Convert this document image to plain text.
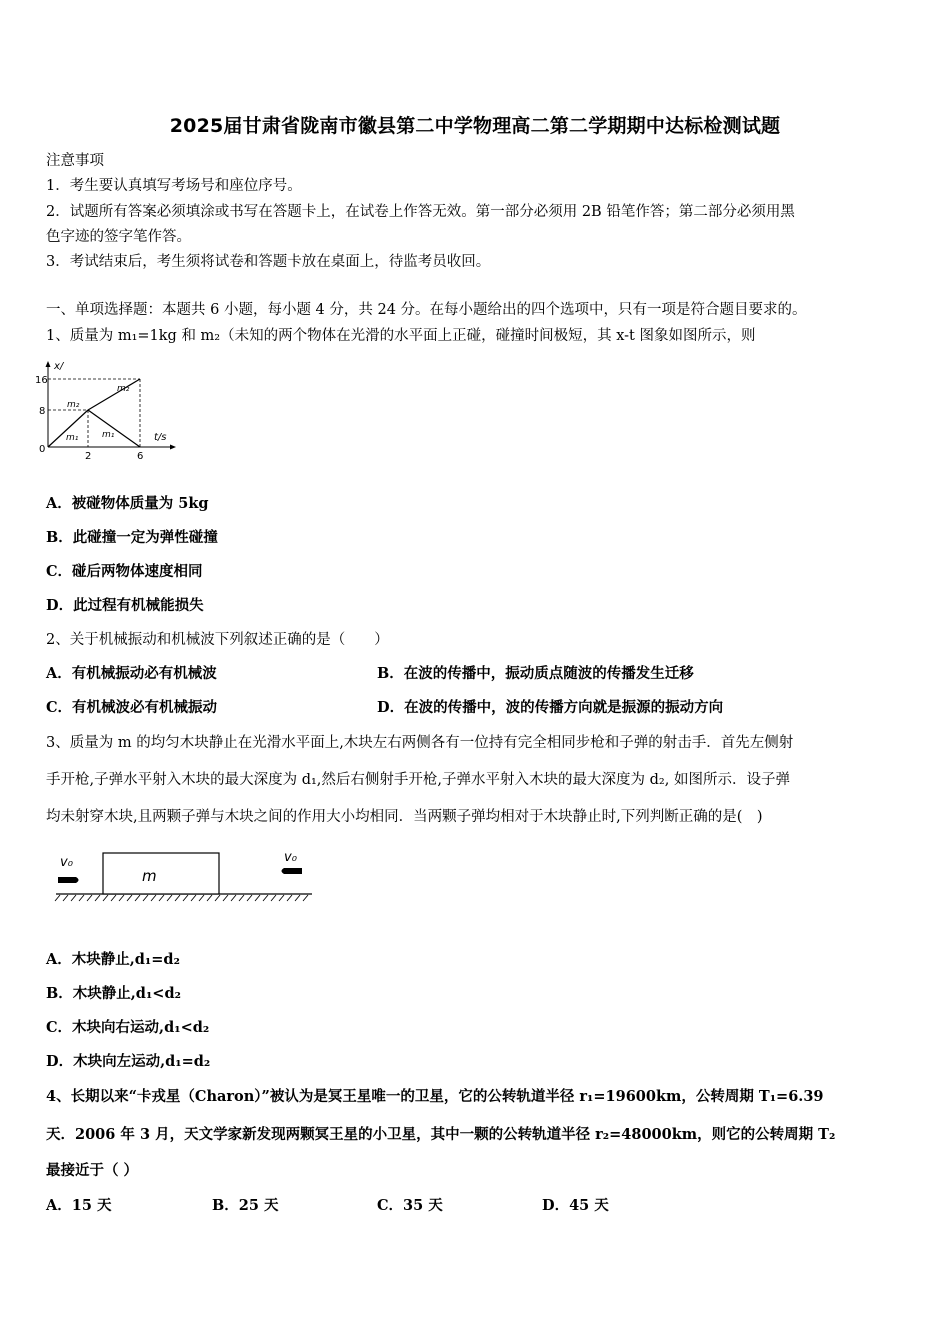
2025届甘肃省陇南市徽县第二中学物理高二第二学期期中达标检测试题
注意事项
1．考生要认真填写考场号和座位序号。
2．试题所有答案必须填涂或书写在答题卡上，在试卷上作答无效。第一部分必须用 2B 铅笔作答；第二部分必须用黑
色字迹的签字笔作答。
3．考试结束后，考生须将试卷和答题卡放在桌面上，待监考员收回。
一、单项选择题：本题共 6 小题，每小题 4 分，共 24 分。在每小题给出的四个选项中，只有一项是符合题目要求的。
1、质量为 m₁=1kg 和 m₂（未知的两个物体在光滑的水平面上正碰，碰撞时间极短，其 x-t 图象如图所示，则
x/
t/s
16
8
0
2	6
m₂
m₂
m₁	m₁
A．被碰物体质量为 5kg
B．此碰撞一定为弹性碰撞
C．碰后两物体速度相同
D．此过程有机械能损失
2、关于机械振动和机械波下列叙述正确的是（　　）
A．有机械振动必有机械波	B．在波的传播中，振动质点随波的传播发生迁移
C．有机械波必有机械振动	D．在波的传播中，波的传播方向就是振源的振动方向
3、质量为 m 的均匀木块静止在光滑水平面上,木块左右两侧各有一位持有完全相同步枪和子弹的射击手．首先左侧射
手开枪,子弹水平射入木块的最大深度为 d₁,然后右侧射手开枪,子弹水平射入木块的最大深度为 d₂, 如图所示．设子弹
均未射穿木块,且两颗子弹与木块之间的作用大小均相同．当两颗子弹均相对于木块静止时,下列判断正确的是(　)
m
v₀	v₀
A．木块静止,d₁=d₂
B．木块静止,d₁<d₂
C．木块向右运动,d₁<d₂
D．木块向左运动,d₁=d₂
4、长期以来“卡戎星（Charon）”被认为是冥王星唯一的卫星，它的公转轨道半径 r₁=19600km，公转周期 T₁=6.39
天．2006 年 3 月，天文学家新发现两颗冥王星的小卫星，其中一颗的公转轨道半径 r₂=48000km，则它的公转周期 T₂
最接近于（ ）
A．15 天	B．25 天	C．35 天	D．45 天
